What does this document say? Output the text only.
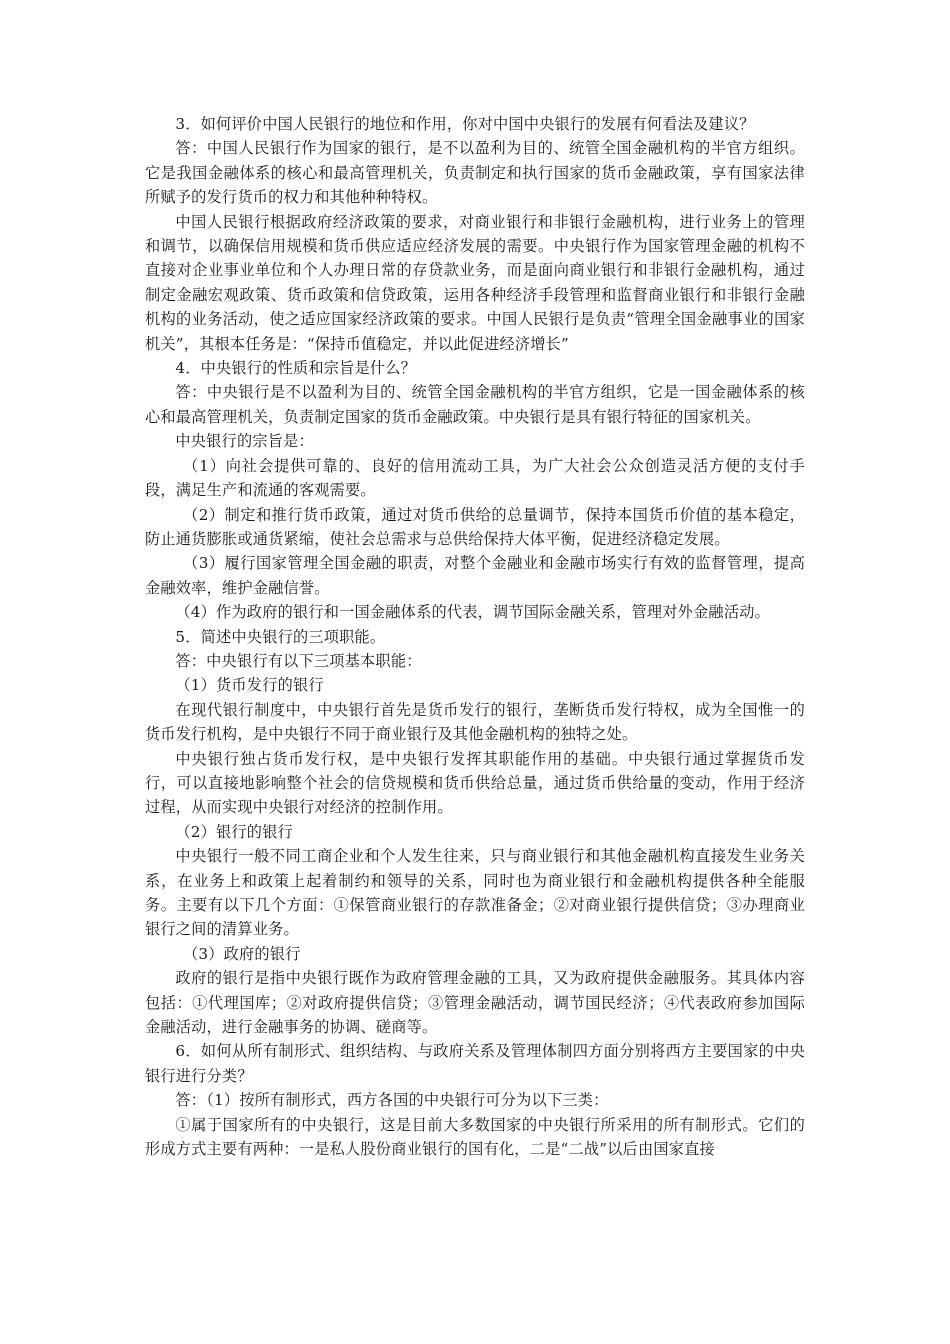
3．如何评价中国人民银行的地位和作用，你对中国中央银行的发展有何看法及建议？

答：中国人民银行作为国家的银行，是不以盈利为目的、统管全国金融机构的半官方组织。它是我国金融体系的核心和最高管理机关，负责制定和执行国家的货币金融政策，享有国家法律所赋予的发行货币的权力和其他种种特权。

中国人民银行根据政府经济政策的要求，对商业银行和非银行金融机构，进行业务上的管理和调节，以确保信用规模和货币供应适应经济发展的需要。中央银行作为国家管理金融的机构不直接对企业事业单位和个人办理日常的存贷款业务，而是面向商业银行和非银行金融机构，通过制定金融宏观政策、货币政策和信贷政策，运用各种经济手段管理和监督商业银行和非银行金融机构的业务活动，使之适应国家经济政策的要求。中国人民银行是负责“管理全国金融事业的国家机关”，其根本任务是：“保持币值稳定，并以此促进经济增长”

4．中央银行的性质和宗旨是什么？

答：中央银行是不以盈利为目的、统管全国金融机构的半官方组织，它是一国金融体系的核心和最高管理机关，负责制定国家的货币金融政策。中央银行是具有银行特征的国家机关。

中央银行的宗旨是：

（1）向社会提供可靠的、良好的信用流动工具，为广大社会公众创造灵活方便的支付手段，满足生产和流通的客观需要。

（2）制定和推行货币政策，通过对货币供给的总量调节，保持本国货币价值的基本稳定，防止通货膨胀或通货紧缩，使社会总需求与总供给保持大体平衡，促进经济稳定发展。

（3）履行国家管理全国金融的职责，对整个金融业和金融市场实行有效的监督管理，提高金融效率，维护金融信誉。

（4）作为政府的银行和一国金融体系的代表，调节国际金融关系，管理对外金融活动。

5．简述中央银行的三项职能。

答：中央银行有以下三项基本职能：

（1）货币发行的银行

在现代银行制度中，中央银行首先是货币发行的银行，垄断货币发行特权，成为全国惟一的货币发行机构，是中央银行不同于商业银行及其他金融机构的独特之处。

中央银行独占货币发行权，是中央银行发挥其职能作用的基础。中央银行通过掌握货币发行，可以直接地影响整个社会的信贷规模和货币供给总量，通过货币供给量的变动，作用于经济过程，从而实现中央银行对经济的控制作用。

（2）银行的银行

中央银行一般不同工商企业和个人发生往来，只与商业银行和其他金融机构直接发生业务关系，在业务上和政策上起着制约和领导的关系，同时也为商业银行和金融机构提供各种全能服务。主要有以下几个方面：①保管商业银行的存款准备金；②对商业银行提供信贷；③办理商业银行之间的清算业务。

（3）政府的银行

政府的银行是指中央银行既作为政府管理金融的工具，又为政府提供金融服务。其具体内容包括：①代理国库；②对政府提供信贷；③管理金融活动，调节国民经济；④代表政府参加国际金融活动，进行金融事务的协调、磋商等。

6．如何从所有制形式、组织结构、与政府关系及管理体制四方面分别将西方主要国家的中央银行进行分类？

答：（1）按所有制形式，西方各国的中央银行可分为以下三类：

①属于国家所有的中央银行，这是目前大多数国家的中央银行所采用的所有制形式。它们的形成方式主要有两种：一是私人股份商业银行的国有化，二是“二战”以后由国家直接
